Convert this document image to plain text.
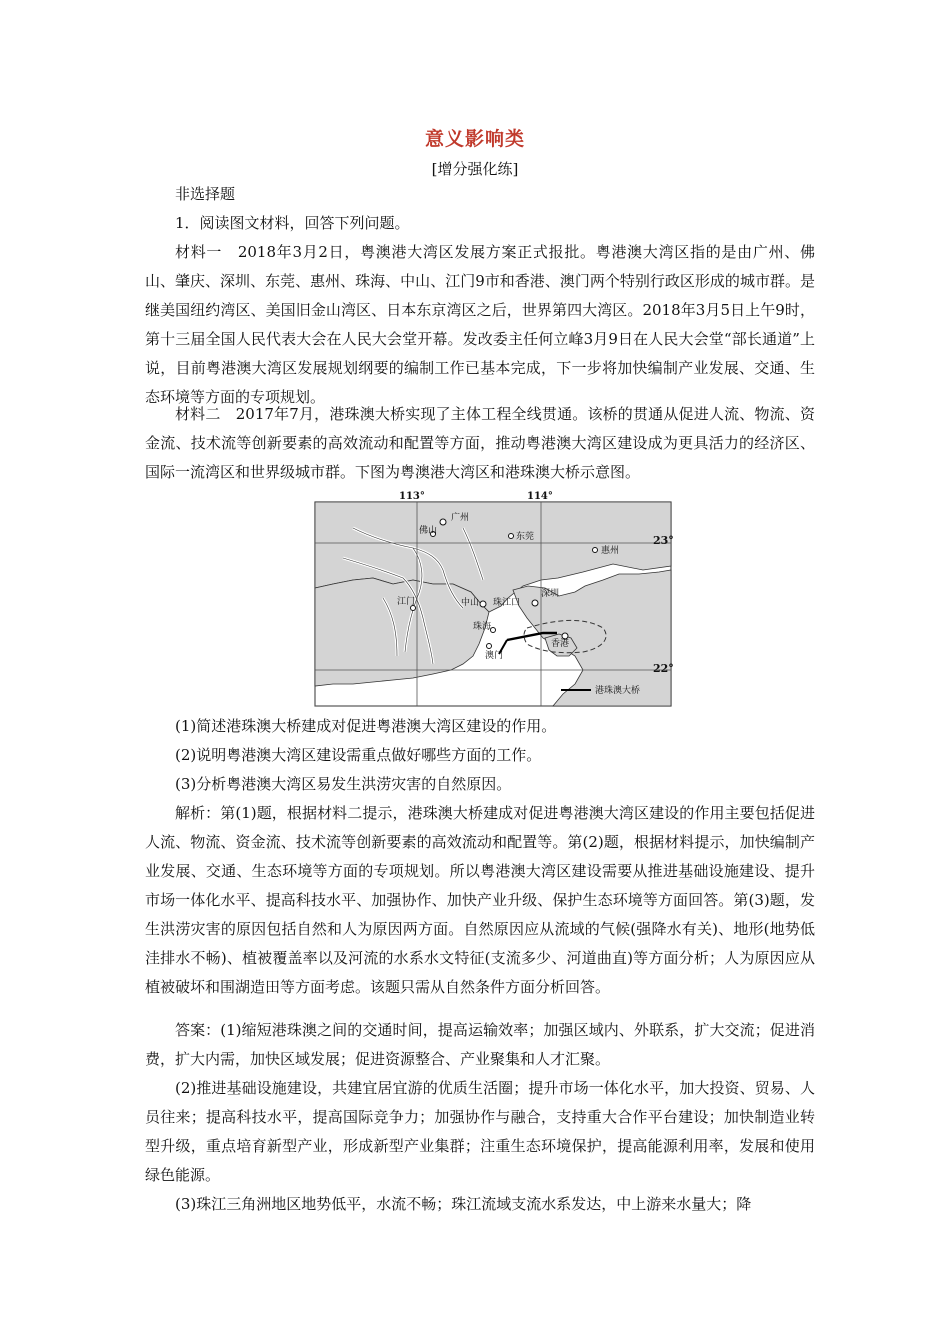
意义影响类
[增分强化练]

非选择题

1．阅读图文材料，回答下列问题。

材料一　2018年3月2日，粤澳港大湾区发展方案正式报批。粤港澳大湾区指的是由广州、佛山、肇庆、深圳、东莞、惠州、珠海、中山、江门9市和香港、澳门两个特别行政区形成的城市群。是继美国纽约湾区、美国旧金山湾区、日本东京湾区之后，世界第四大湾区。2018年3月5日上午9时，第十三届全国人民代表大会在人民大会堂开幕。发改委主任何立峰3月9日在人民大会堂“部长通道”上说，目前粤港澳大湾区发展规划纲要的编制工作已基本完成，下一步将加快编制产业发展、交通、生态环境等方面的专项规划。

材料二　2017年7月，港珠澳大桥实现了主体工程全线贯通。该桥的贯通从促进人流、物流、资金流、技术流等创新要素的高效流动和配置等方面，推动粤港澳大湾区建设成为更具活力的经济区、国际一流湾区和世界级城市群。下图为粤澳港大湾区和港珠澳大桥示意图。

113°	114°
广州
佛山
东莞
惠州
深圳
江门	中山 珠江口
珠海
香港
澳门
港珠澳大桥
23°
22°

(1)简述港珠澳大桥建成对促进粤港澳大湾区建设的作用。

(2)说明粤港澳大湾区建设需重点做好哪些方面的工作。

(3)分析粤港澳大湾区易发生洪涝灾害的自然原因。

解析：第(1)题，根据材料二提示，港珠澳大桥建成对促进粤港澳大湾区建设的作用主要包括促进人流、物流、资金流、技术流等创新要素的高效流动和配置等。第(2)题，根据材料提示，加快编制产业发展、交通、生态环境等方面的专项规划。所以粤港澳大湾区建设需要从推进基础设施建设、提升市场一体化水平、提高科技水平、加强协作、加快产业升级、保护生态环境等方面回答。第(3)题，发生洪涝灾害的原因包括自然和人为原因两方面。自然原因应从流域的气候(强降水有关)、地形(地势低洼排水不畅)、植被覆盖率以及河流的水系水文特征(支流多少、河道曲直)等方面分析；人为原因应从植被破坏和围湖造田等方面考虑。该题只需从自然条件方面分析回答。

答案：(1)缩短港珠澳之间的交通时间，提高运输效率；加强区域内、外联系，扩大交流；促进消费，扩大内需，加快区域发展；促进资源整合、产业聚集和人才汇聚。

(2)推进基础设施建设，共建宜居宜游的优质生活圈；提升市场一体化水平，加大投资、贸易、人员往来；提高科技水平，提高国际竞争力；加强协作与融合，支持重大合作平台建设；加快制造业转型升级，重点培育新型产业，形成新型产业集群；注重生态环境保护，提高能源利用率，发展和使用绿色能源。

(3)珠江三角洲地区地势低平，水流不畅；珠江流域支流水系发达，中上游来水量大；降
